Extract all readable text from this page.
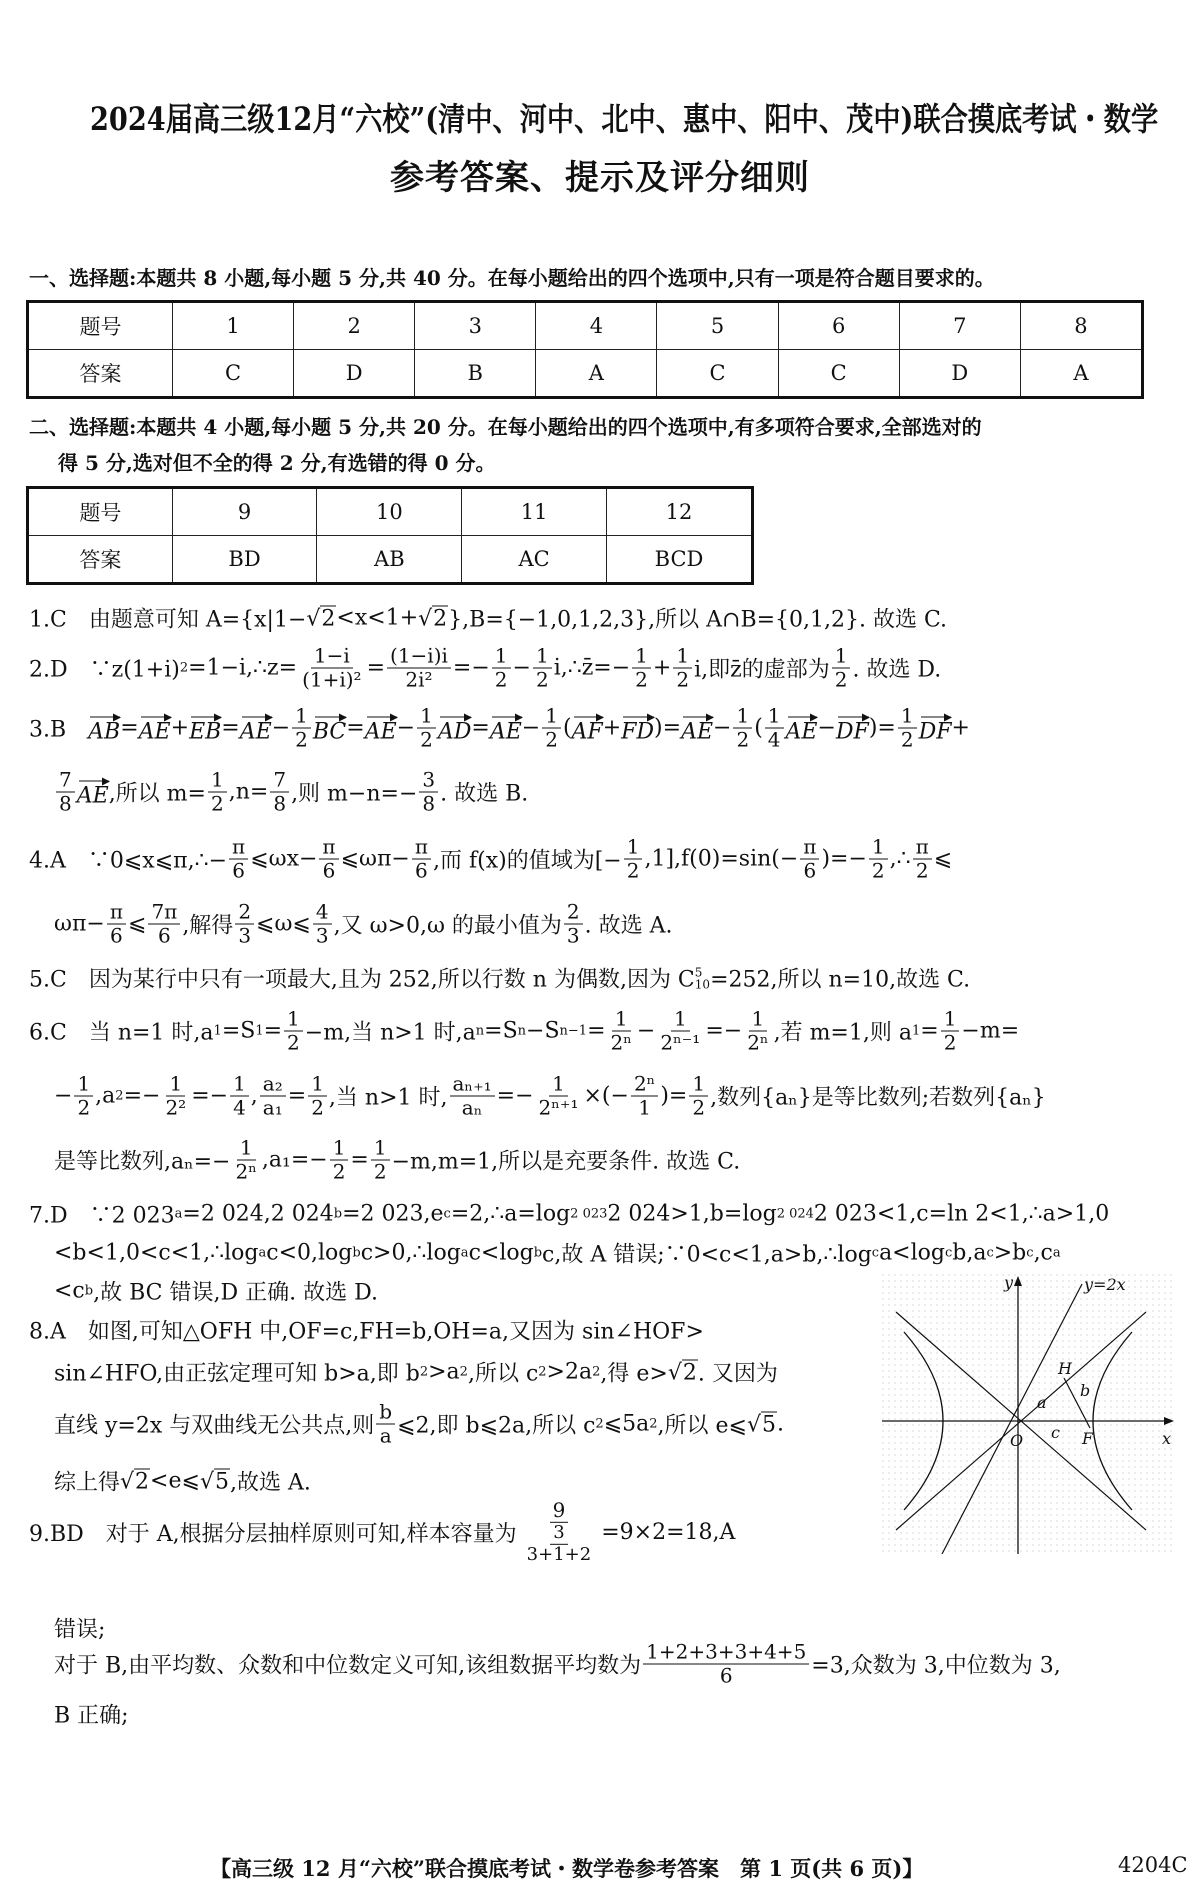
2024届高三级12月“六校”(清中、河中、北中、惠中、阳中、茂中)联合摸底考试・数学
参考答案、提示及评分细则
一、选择题:本题共 8 小题,每小题 5 分,共 40 分。在每小题给出的四个选项中,只有一项是符合题目要求的。
题号	1	2	3	4	5	6	7	8
答案	C	D	B	A	C	C	D	A
二、选择题:本题共 4 小题,每小题 5 分,共 20 分。在每小题给出的四个选项中,有多项符合要求,全部选对的
得 5 分,选对但不全的得 2 分,有选错的得 0 分。
题号	9	10	11	12
答案	BD	AB	AC	BCD
1.C　由题意可知 A={x|1− √ 2 <x<1+ √ 2 },B={−1,0,1,2,3},所以 A∩B={0,1,2}. 故选 C.
2.D　∵z(1+i) 2 =1−i,∴z= $\frac{1-i}{\text{(1+i)²}} = \frac{(1-i)i}{\text{2i²}} =- \frac{1}{2} - \frac{1}{2}$ i,∴z̄=− $\frac{1}{2} + \frac{1}{2} i$,即z̄的虚部为 $\frac{1}{2}$ . 故选 D.
3.B　 AB = AE + EB = AE − $\frac{1}{2}$ BC = AE − $\frac{1}{2}$ AD = AE − $\frac{1}{2}$ ( AF + FD )= AE − $\frac{1}{2}$ ( $\frac{1}{4}$ AE − DF )= $\frac{1}{2}$ DF +
$\frac{7}{8}$ AE ,所以 $m= \frac{1}{2} ,n= \frac{7}{8}$ ,则 $m-n=- \frac{3}{8}$ . 故选 B.
4.A　∵0⩽x⩽π,∴− $\frac{\pi}{6}$ ⩽ωx− $\frac{\pi}{6}$ ⩽ωπ− $\frac{\pi}{6}$ ,而 f(x)的值域为[− $\frac{1}{2} ,1],f(0)=\sin(- \frac{\pi}{6}$ )=− $\frac{1}{2}$ ,∴ $\frac{\pi}{2}$ ⩽
$\omega\pi- \frac{\pi}{6}$ ⩽ $\frac{7\pi}{6}$ ,解得 $\frac{2}{3}$ ⩽ω⩽ $\frac{4}{3}$ ,又 ω>0,ω 的最小值为 $\frac{2}{3}$ . 故选 A.
5.C　因为某行中只有一项最大,且为 252,所以行数 n 为偶数,因为 C 5
10 =252,所以 n=10,故选 C.
6.C　当 n=1 时,a 1 =S $1 = \frac{1}{2} -m$,当 n>1 时,a n =S n −S $n-1 = \frac{1}{\text{2ⁿ}} - \frac{1}{\text{2ⁿ⁻¹}} =- \frac{1}{\text{2ⁿ}}$ ,若 m=1,则 a $1 = \frac{1}{2} -m=$
− $\frac{1}{2} ,a$ $2 =- \frac{1}{\text{2²}} =- \frac{1}{4}$ , $\frac{\text{a₂}}{\text{a₁}} = \frac{1}{2}$ ,当 n>1 时, $\frac{\text{aₙ₊₁}}{\text{aₙ}} =- \frac{1}{\text{2ⁿ⁺¹}}$ ×(− $\frac{\text{2ⁿ}}{1}$ )= $\frac{1}{2}$ ,数列{aₙ}是等比数列;若数列{aₙ}
是等比数列$,a_n=- \frac{1}{\text{2ⁿ}} ,a_1=- \frac{1}{2} = \frac{1}{2} -m,m=1$,所以是充要条件. 故选 C.
7.D　∵2 023 a =2 024,2 024 b =2 023,e c =2,∴a=log 2 023 2 024>1,b=log 2 024 2 023<1,c=ln 2<1,∴a>1,0
<b<1,0<c<1,∴log a c<0,log b c>0,∴log a c<log b c,故 A 错误;∵0<c<1,a>b,∴log c a<log c b,a c >b c ,c a
<c b ,故 BC 错误,D 正确. 故选 D.
8.A　如图,可知△OFH 中,OF=c,FH=b,OH=a,又因为 sin∠HOF>
sin∠HFO,由正弦定理可知 b>a,即 b 2 >a 2 ,所以 c 2 >2a 2 ,得 e> √ 2 . 又因为
直线 y=2x 与双曲线无公共点,则 $\frac{b}{a}$ ⩽2,即 b⩽2a,所以 c 2 ⩽5a 2 ,所以 e⩽ √ 5 .
综上得 √ 2 <e⩽ √ 5 ,故选 A.
9.BD　对于 A,根据分层抽样原则可知,样本容量为 $\frac{9}{\frac{3}{3+1+2}} =9\times 2=18,A$
错误;
对于 B,由平均数、众数和中位数定义可知,该组数据平均数为 $\frac{1+2+3+3+4+5}{6} =3$,众数为 3,中位数为 3,
B 正确;
y
x
O
H
F
a
b
c
y=2x
【高三级 12 月“六校”联合摸底考试・数学卷参考答案　第 1 页(共 6 页)】	4204C
